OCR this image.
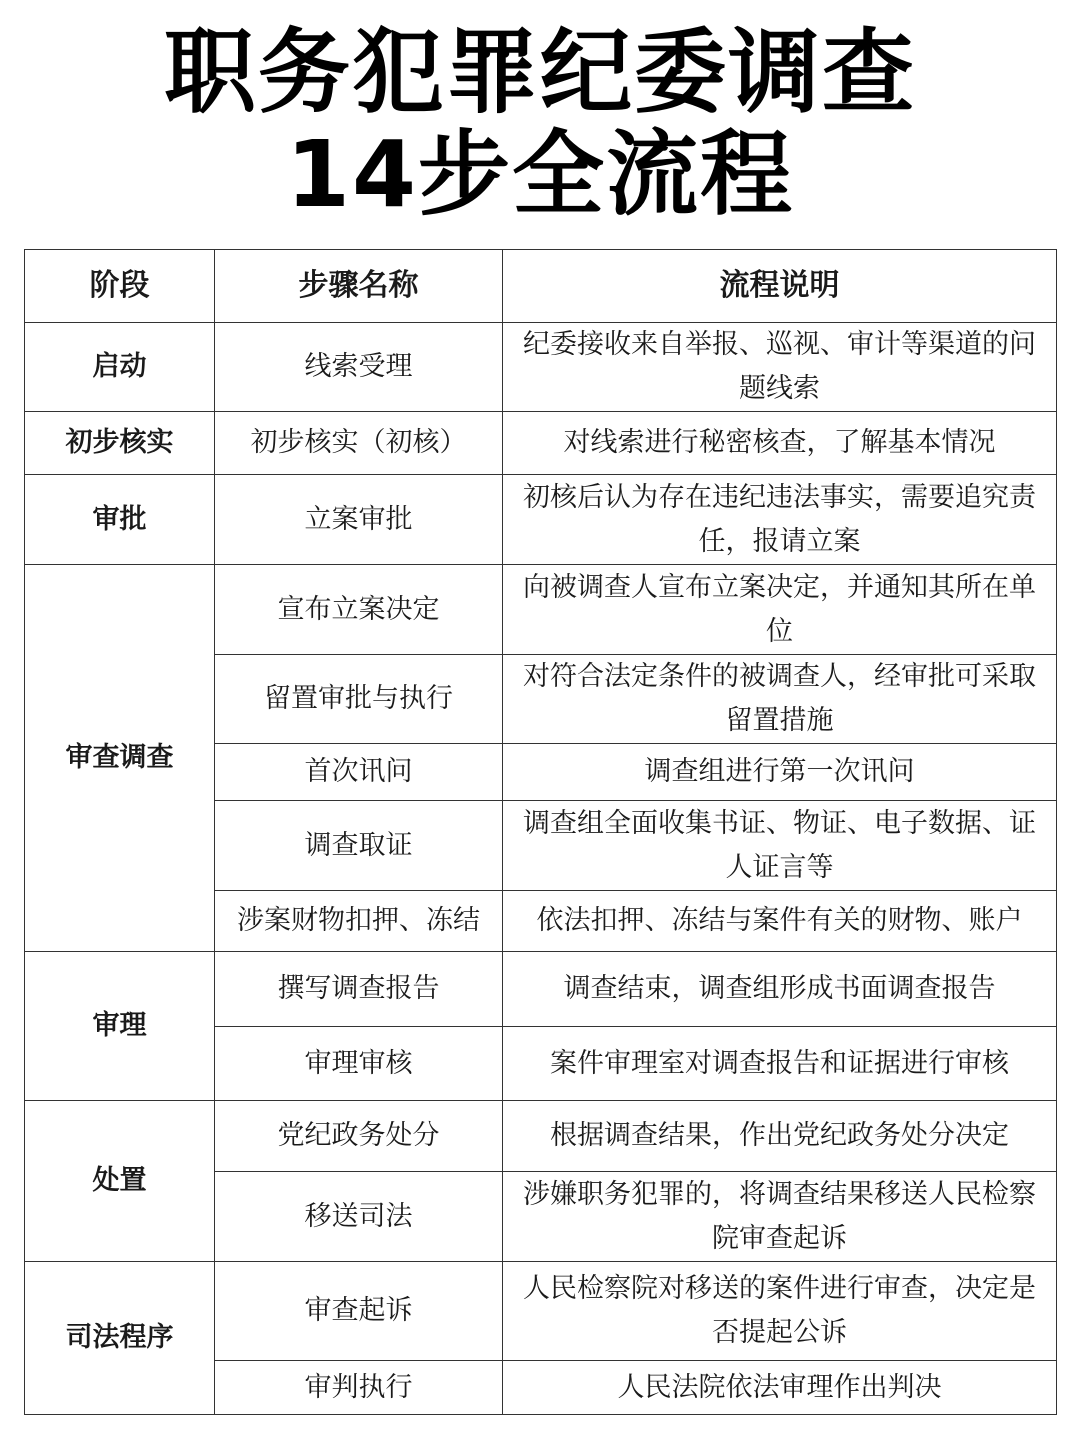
职务犯罪纪委调查
14步全流程
阶段	步骤名称	流程说明
启动	线索受理	纪委接收来自举报、巡视、审计等渠道的问题线索
初步核实	初步核实（初核）	对线索进行秘密核查，了解基本情况
审批	立案审批	初核后认为存在违纪违法事实，需要追究责任，报请立案
审查调查	宣布立案决定	向被调查人宣布立案决定，并通知其所在单位
	留置审批与执行	对符合法定条件的被调查人，经审批可采取留置措施
	首次讯问	调查组进行第一次讯问
	调查取证	调查组全面收集书证、物证、电子数据、证人证言等
	涉案财物扣押、冻结	依法扣押、冻结与案件有关的财物、账户
审理	撰写调查报告	调查结束，调查组形成书面调查报告
	审理审核	案件审理室对调查报告和证据进行审核
处置	党纪政务处分	根据调查结果，作出党纪政务处分决定
	移送司法	涉嫌职务犯罪的，将调查结果移送人民检察院审查起诉
司法程序	审查起诉	人民检察院对移送的案件进行审查，决定是否提起公诉
	审判执行	人民法院依法审理作出判决
